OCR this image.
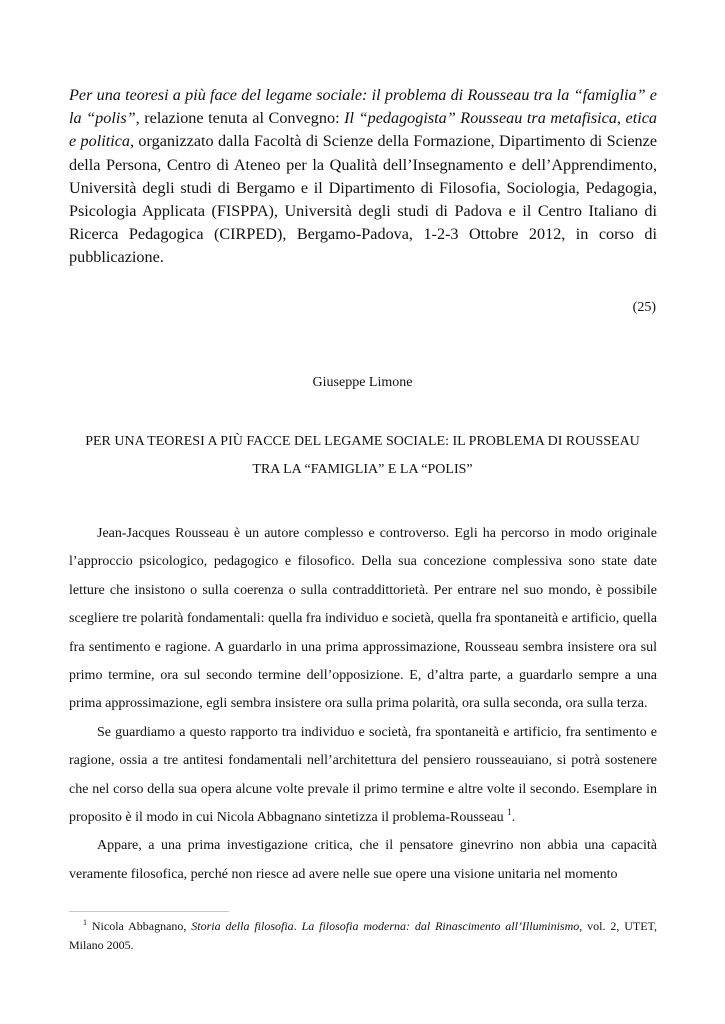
Per una teoresi a più face del legame sociale: il problema di Rousseau tra la “famiglia” e la “polis”, relazione tenuta al Convegno: Il “pedagogista” Rousseau tra metafisica, etica e politica, organizzato dalla Facoltà di Scienze della Formazione, Dipartimento di Scienze della Persona, Centro di Ateneo per la Qualità dell’Insegnamento e dell’Apprendimento, Università degli studi di Bergamo e il Dipartimento di Filosofia, Sociologia, Pedagogia, Psicologia Applicata (FISPPA), Università degli studi di Padova e il Centro Italiano di Ricerca Pedagogica (CIRPED), Bergamo-Padova, 1-2-3 Ottobre 2012, in corso di pubblicazione.
(25)
Giuseppe Limone
PER UNA TEORESI A PIÙ FACCE DEL LEGAME SOCIALE: IL PROBLEMA DI ROUSSEAU
TRA LA “FAMIGLIA” E LA “POLIS”

Jean-Jacques Rousseau è un autore complesso e controverso. Egli ha percorso in modo originale l’approccio psicologico, pedagogico e filosofico. Della sua concezione complessiva sono state date letture che insistono o sulla coerenza o sulla contraddittorietà. Per entrare nel suo mondo, è possibile scegliere tre polarità fondamentali: quella fra individuo e società, quella fra spontaneità e artificio, quella fra sentimento e ragione. A guardarlo in una prima approssimazione, Rousseau sembra insistere ora sul primo termine, ora sul secondo termine dell’opposizione. E, d’altra parte, a guardarlo sempre a una prima approssimazione, egli sembra insistere ora sulla prima polarità, ora sulla seconda, ora sulla terza.

Se guardiamo a questo rapporto tra individuo e società, fra spontaneità e artificio, fra sentimento e ragione, ossia a tre antitesi fondamentali nell’architettura del pensiero rousseauiano, si potrà sostenere che nel corso della sua opera alcune volte prevale il primo termine e altre volte il secondo. Esemplare in proposito è il modo in cui Nicola Abbagnano sintetizza il problema-Rousseau $^1$.

Appare, a una prima investigazione critica, che il pensatore ginevrino non abbia una capacità veramente filosofica, perché non riesce ad avere nelle sue opere una visione unitaria nel momento

$^1$ Nicola Abbagnano, Storia della filosofia. La filosofia moderna: dal Rinascimento all’Illuminismo, vol. 2, UTET, Milano 2005.
